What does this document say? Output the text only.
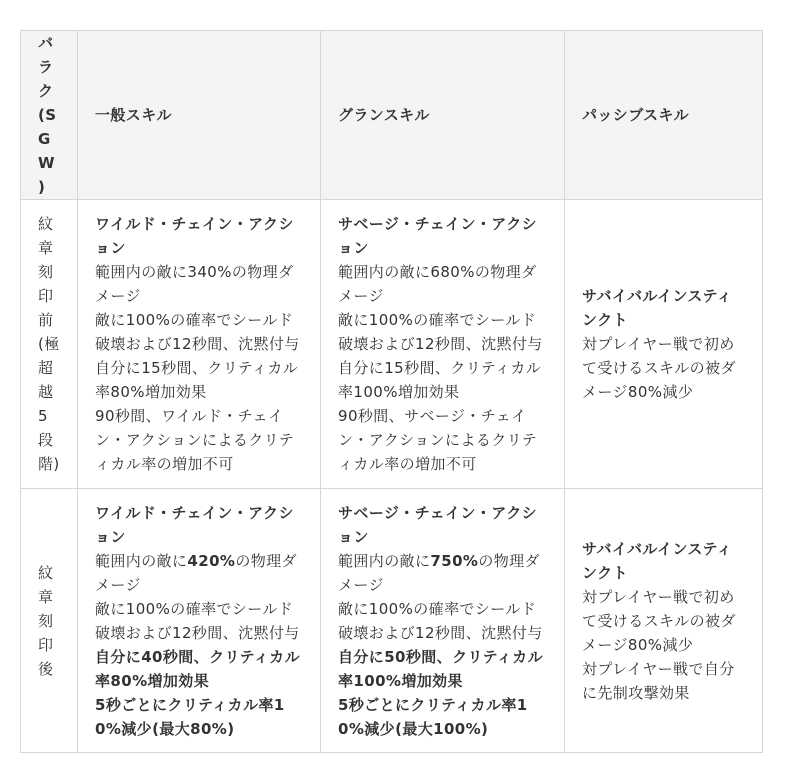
バラク(SGW)	一般スキル	グランスキル	パッシブスキル
紋章刻印前(極超越5段階)	ワイルド・チェイン・アクション
範囲内の敵に340%の物理ダメージ
敵に100%の確率でシールド破壊および12秒間、沈黙付与
自分に15秒間、クリティカル率80%増加効果
90秒間、ワイルド・チェイン・アクションによるクリティカル率の増加不可	サベージ・チェイン・アクション
範囲内の敵に680%の物理ダメージ
敵に100%の確率でシールド破壊および12秒間、沈黙付与
自分に15秒間、クリティカル率100%増加効果
90秒間、サベージ・チェイン・アクションによるクリティカル率の増加不可	サバイバルインスティンクト
対プレイヤー戦で初めて受けるスキルの被ダメージ80%減少

紋章刻印後	ワイルド・チェイン・アクション
範囲内の敵に420%の物理ダメージ
敵に100%の確率でシールド破壊および12秒間、沈黙付与
自分に40秒間、クリティカル率80%増加効果
5秒ごとにクリティカル率10%減少(最大80%)	サベージ・チェイン・アクション
範囲内の敵に750%の物理ダメージ
敵に100%の確率でシールド破壊および12秒間、沈黙付与
自分に50秒間、クリティカル率100%増加効果
5秒ごとにクリティカル率10%減少(最大100%)	サバイバルインスティンクト
対プレイヤー戦で初めて受けるスキルの被ダメージ80%減少
対プレイヤー戦で自分に先制攻撃効果
